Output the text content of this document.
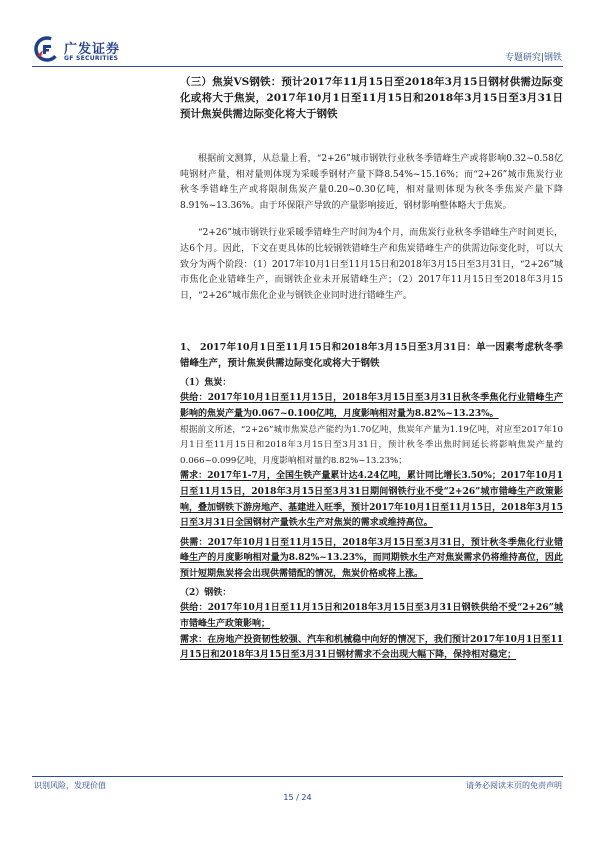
广发证券
GF SECURITIES	专题研究|钢铁

（三）焦炭VS钢铁：预计2017年11月15日至2018年3月15日钢材供需边际变化或将大于焦炭，2017年10月1日至11月15日和2018年3月15日至3月31日预计焦炭供需边际变化将大于钢铁

根据前文测算，从总量上看，“2+26”城市钢铁行业秋冬季错峰生产或将影响0.32~0.58亿吨钢材产量，相对量则体现为采暖季钢材产量下降8.54%~15.16%；而“2+26”城市焦炭行业秋冬季错峰生产或将限制焦炭产量0.20~0.30亿吨，相对量则体现为秋冬季焦炭产量下降8.91%~13.36%。由于环保限产导致的产量影响接近，钢材影响整体略大于焦炭。

“2+26”城市钢铁行业采暖季错峰生产时间为4个月，而焦炭行业秋冬季错峰生产时间更长，达6个月。因此，下文在更具体的比较钢铁错峰生产和焦炭错峰生产的供需边际变化时，可以大致分为两个阶段：（1）2017年10月1日至11月15日和2018年3月15日至3月31日，“2+26”城市焦化企业错峰生产，而钢铁企业未开展错峰生产；（2）2017年11月15日至2018年3月15日，“2+26”城市焦化企业与钢铁企业同时进行错峰生产。

1、 2017年10月1日至11月15日和2018年3月15日至3月31日：单一因素考虑秋冬季错峰生产，预计焦炭供需边际变化或将大于钢铁

（1）焦炭：

供给：2017年10月1日至11月15日，2018年3月15日至3月31日秋冬季焦化行业错峰生产影响的焦炭产量为0.067~0.100亿吨，月度影响相对量为8.82%~13.23%。

根据前文所述，“2+26”城市焦炭总产能约为1.70亿吨，焦炭年产量为1.19亿吨，对应至2017年10月1日至11月15日和2018年3月15日至3月31日，预计秋冬季出焦时间延长将影响焦炭产量约0.066~0.099亿吨，月度影响相对量约8.82%~13.23%；

需求：2017年1-7月，全国生铁产量累计达4.24亿吨，累计同比增长3.50%；2017年10月1日至11月15日，2018年3月15日至3月31日期间钢铁行业不受“2+26”城市错峰生产政策影响，叠加钢铁下游房地产、基建进入旺季，预计2017年10月1日至11月15日，2018年3月15日至3月31日全国钢材产量铁水生产对焦炭的需求或维持高位。

供需：2017年10月1日至11月15日，2018年3月15日至3月31日，预计秋冬季焦化行业错峰生产的月度影响相对量为8.82%~13.23%，而同期铁水生产对焦炭需求仍将维持高位，因此预计短期焦炭将会出现供需错配的情况，焦炭价格或将上涨。

（2）钢铁：

供给：2017年10月1日至11月15日和2018年3月15日至3月31日钢铁供给不受“2+26”城市错峰生产政策影响；

需求：在房地产投资韧性较强、汽车和机械稳中向好的情况下，我们预计2017年10月1日至11月15日和2018年3月15日至3月31日钢材需求不会出现大幅下降，保持相对稳定；

识别风险，发现价值	请务必阅读末页的免责声明
15 / 24
